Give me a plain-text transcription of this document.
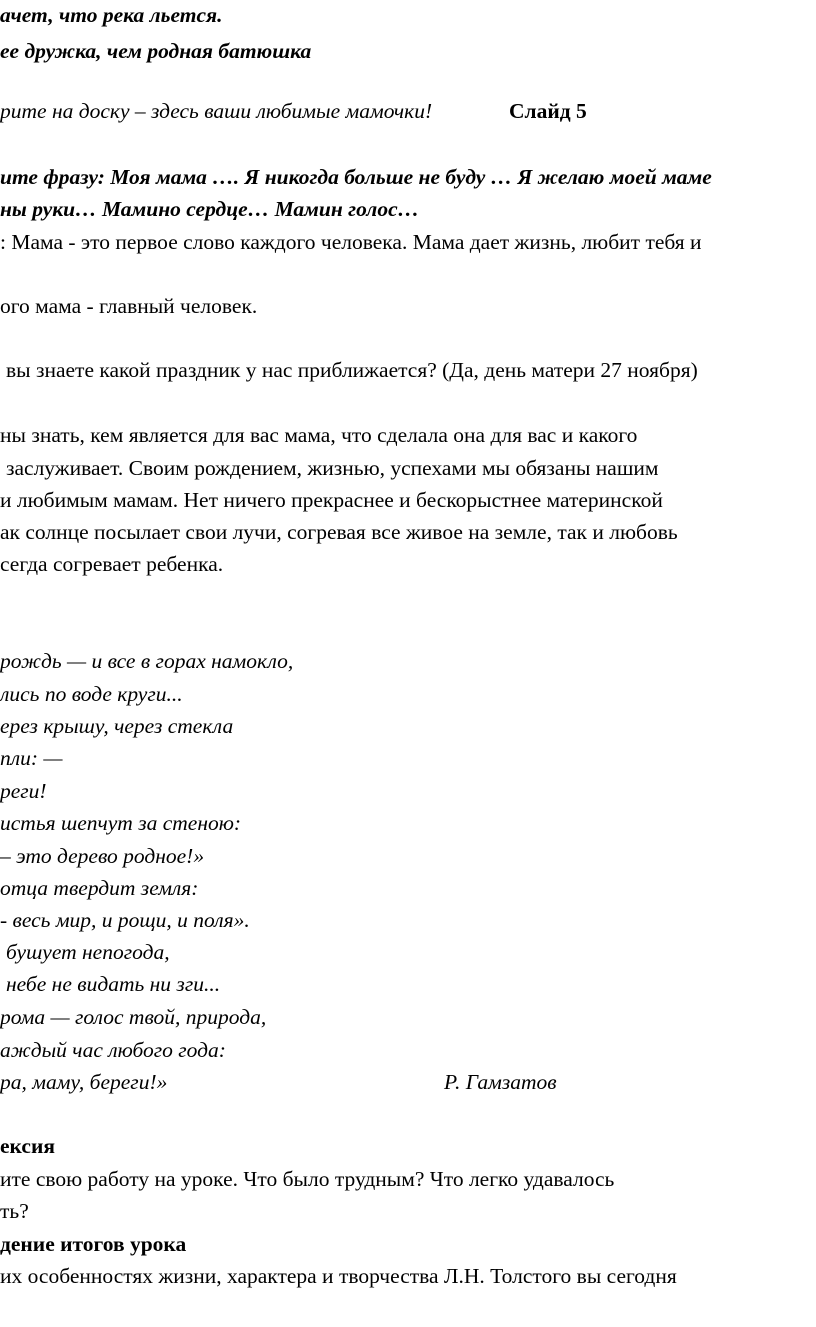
ачет, что река льется.
ее дружка, чем родная батюшка
рите на доску – здесь ваши любимые мамочки!	Слайд 5
ите фразу: Моя мама …. Я никогда больше не буду … Я желаю моей маме
ны руки… Мамино сердце… Мамин голос…
: Мама - это первое слово каждого человека. Мама дает жизнь, любит тебя и
ого мама - главный человек.
вы знаете какой праздник у нас приближается? (Да, день матери 27 ноября)
ны знать, кем является для вас мама, что сделала она для вас и какого
заслуживает. Своим рождением, жизнью, успехами мы обязаны нашим
и любимым мамам. Нет ничего прекраснее и бескорыстнее материнской
ак солнце посылает свои лучи, согревая все живое на земле, так и любовь
сегда согревает ребенка.
рождь — и все в горах намокло,
лись по воде круги...
ерез крышу, через стекла
пли: —
реги!
истья шепчут за стеною:
– это дерево родное!»
отца твердит земля:
- весь мир, и рощи, и поля».
бушует непогода,
небе не видать ни зги...
рома — голос твой, природа,
аждый час любого года:
ра, маму, береги!»	Р. Гамзатов
ексия
ите свою работу на уроке. Что было трудным? Что легко удавалось
ть?
дение итогов урока
их особенностях жизни, характера и творчества Л.Н. Толстого вы сегодня
